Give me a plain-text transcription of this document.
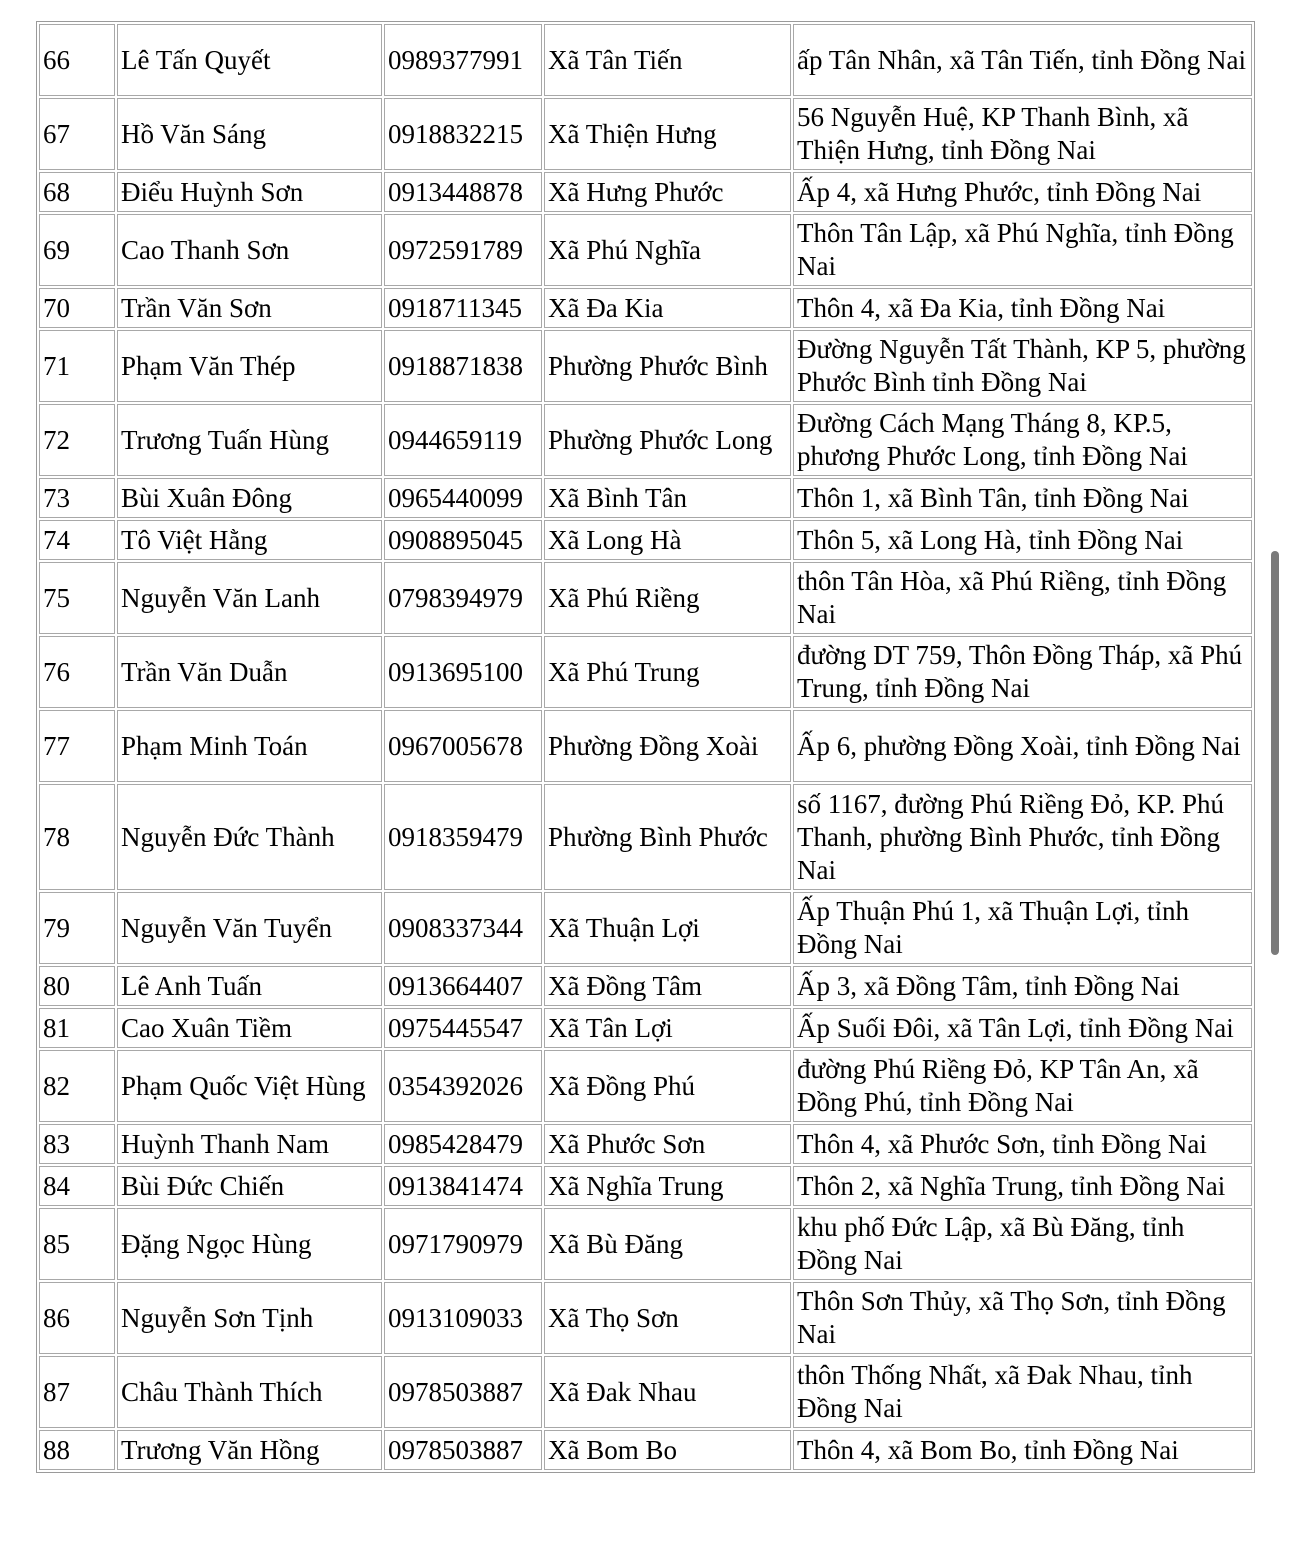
66	Lê Tấn Quyết	0989377991	Xã Tân Tiến	ấp Tân Nhân, xã Tân Tiến, tỉnh Đồng Nai
67	Hồ Văn Sáng	0918832215	Xã Thiện Hưng	56 Nguyễn Huệ, KP Thanh Bình, xã Thiện Hưng, tỉnh Đồng Nai
68	Điểu Huỳnh Sơn	0913448878	Xã Hưng Phước	Ấp 4, xã Hưng Phước, tỉnh Đồng Nai
69	Cao Thanh Sơn	0972591789	Xã Phú Nghĩa	Thôn Tân Lập, xã Phú Nghĩa, tỉnh Đồng Nai
70	Trần Văn Sơn	0918711345	Xã Đa Kia	Thôn 4, xã Đa Kia, tỉnh Đồng Nai
71	Phạm Văn Thép	0918871838	Phường Phước Bình	Đường Nguyễn Tất Thành, KP 5, phường Phước Bình tỉnh Đồng Nai
72	Trương Tuấn Hùng	0944659119	Phường Phước Long	Đường Cách Mạng Tháng 8, KP.5, phương Phước Long, tỉnh Đồng Nai
73	Bùi Xuân Đông	0965440099	Xã Bình Tân	Thôn 1, xã Bình Tân, tỉnh Đồng Nai
74	Tô Việt Hằng	0908895045	Xã Long Hà	Thôn 5, xã Long Hà, tỉnh Đồng Nai
75	Nguyễn Văn Lanh	0798394979	Xã Phú Riềng	thôn Tân Hòa, xã Phú Riềng, tỉnh Đồng Nai
76	Trần Văn Duẫn	0913695100	Xã Phú Trung	đường DT 759, Thôn Đồng Tháp, xã Phú Trung, tỉnh Đồng Nai
77	Phạm Minh Toán	0967005678	Phường Đồng Xoài	Ấp 6, phường Đồng Xoài, tỉnh Đồng Nai
78	Nguyễn Đức Thành	0918359479	Phường Bình Phước	số 1167, đường Phú Riềng Đỏ, KP. Phú Thanh, phường Bình Phước, tỉnh Đồng Nai
79	Nguyễn Văn Tuyển	0908337344	Xã Thuận Lợi	Ấp Thuận Phú 1, xã Thuận Lợi, tỉnh Đồng Nai
80	Lê Anh Tuấn	0913664407	Xã Đồng Tâm	Ấp 3, xã Đồng Tâm, tỉnh Đồng Nai
81	Cao Xuân Tiềm	0975445547	Xã Tân Lợi	Ấp Suối Đôi, xã Tân Lợi, tỉnh Đồng Nai
82	Phạm Quốc Việt Hùng	0354392026	Xã Đồng Phú	đường Phú Riềng Đỏ, KP Tân An, xã Đồng Phú, tỉnh Đồng Nai
83	Huỳnh Thanh Nam	0985428479	Xã Phước Sơn	Thôn 4, xã Phước Sơn, tỉnh Đồng Nai
84	Bùi Đức Chiến	0913841474	Xã Nghĩa Trung	Thôn 2, xã Nghĩa Trung, tỉnh Đồng Nai
85	Đặng Ngọc Hùng	0971790979	Xã Bù Đăng	khu phố Đức Lập, xã Bù Đăng, tỉnh Đồng Nai
86	Nguyễn Sơn Tịnh	0913109033	Xã Thọ Sơn	Thôn Sơn Thủy, xã Thọ Sơn, tỉnh Đồng Nai
87	Châu Thành Thích	0978503887	Xã Đak Nhau	thôn Thống Nhất, xã Đak Nhau, tỉnh Đồng Nai
88	Trương Văn Hồng	0978503887	Xã Bom Bo	Thôn 4, xã Bom Bo, tỉnh Đồng Nai
